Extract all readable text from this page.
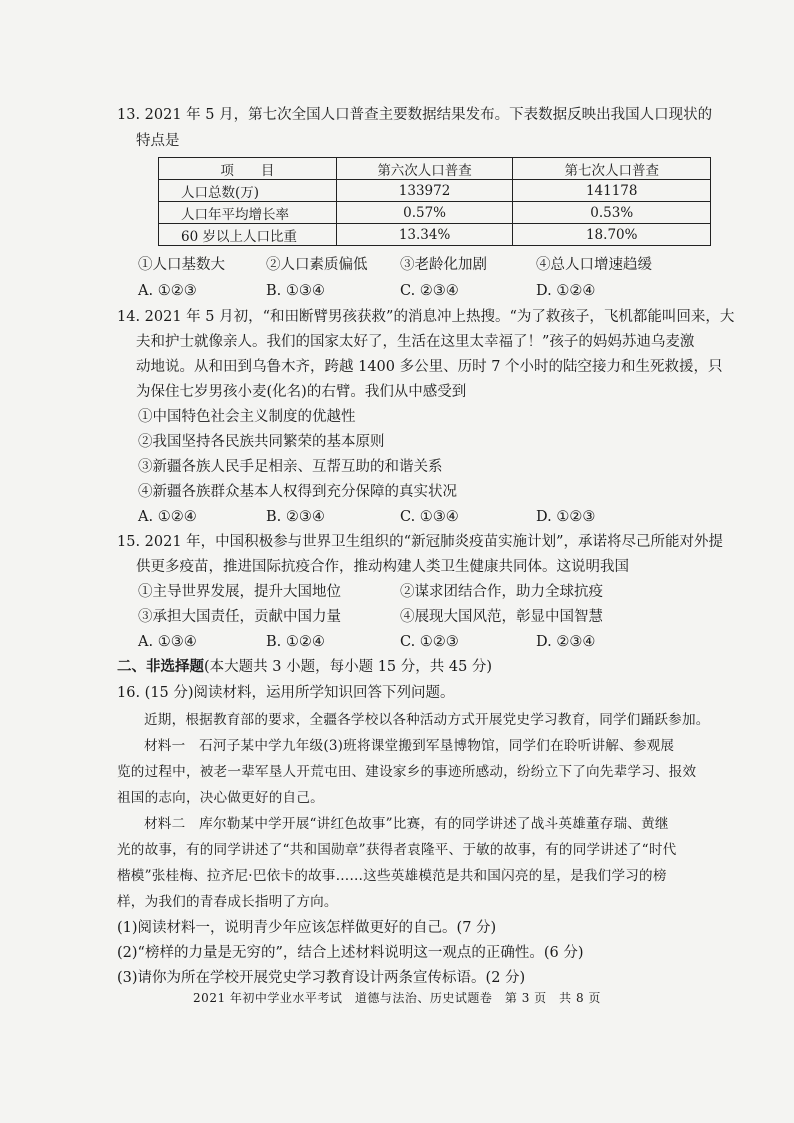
13. 2021 年 5 月，第七次全国人口普查主要数据结果发布。下表数据反映出我国人口现状的
特点是
项　　目	第六次人口普查	第七次人口普查
人口总数(万)	133972	141178
人口年平均增长率	0.57%	0.53%
60 岁以上人口比重	13.34%	18.70%
①人口基数大	②人口素质偏低 ③老龄化加剧	④总人口增速趋缓
A. ①②③	B. ①③④	C. ②③④	D. ①②④
14. 2021 年 5 月初，“和田断臂男孩获救”的消息冲上热搜。“为了救孩子，飞机都能叫回来，大
夫和护士就像亲人。我们的国家太好了，生活在这里太幸福了！”孩子的妈妈苏迪乌麦激
动地说。从和田到乌鲁木齐，跨越 1400 多公里、历时 7 个小时的陆空接力和生死救援，只
为保住七岁男孩小麦(化名)的右臂。我们从中感受到
①中国特色社会主义制度的优越性
②我国坚持各民族共同繁荣的基本原则
③新疆各族人民手足相亲、互帮互助的和谐关系
④新疆各族群众基本人权得到充分保障的真实状况
A. ①②④	B. ②③④	C. ①③④	D. ①②③
15. 2021 年，中国积极参与世界卫生组织的“新冠肺炎疫苗实施计划”，承诺将尽己所能对外提
供更多疫苗，推进国际抗疫合作，推动构建人类卫生健康共同体。这说明我国
①主导世界发展，提升大国地位	②谋求团结合作，助力全球抗疫
③承担大国责任，贡献中国力量	④展现大国风范，彰显中国智慧
A. ①③④	B. ①②④	C. ①②③	D. ②③④
二、非选择题(本大题共 3 小题，每小题 15 分，共 45 分)
16. (15 分)阅读材料，运用所学知识回答下列问题。
近期，根据教育部的要求，全疆各学校以各种活动方式开展党史学习教育，同学们踊跃参加。
材料一　石河子某中学九年级(3)班将课堂搬到军垦博物馆，同学们在聆听讲解、参观展
览的过程中，被老一辈军垦人开荒屯田、建设家乡的事迹所感动，纷纷立下了向先辈学习、报效
祖国的志向，决心做更好的自己。
材料二　库尔勒某中学开展“讲红色故事”比赛，有的同学讲述了战斗英雄董存瑞、黄继
光的故事，有的同学讲述了“共和国勋章”获得者袁隆平、于敏的故事，有的同学讲述了“时代
楷模”张桂梅、拉齐尼·巴依卡的故事……这些英雄模范是共和国闪亮的星，是我们学习的榜
样，为我们的青春成长指明了方向。
(1)阅读材料一，说明青少年应该怎样做更好的自己。(7 分)
(2)“榜样的力量是无穷的”，结合上述材料说明这一观点的正确性。(6 分)
(3)请你为所在学校开展党史学习教育设计两条宣传标语。(2 分)
2021 年初中学业水平考试　道德与法治、历史试题卷　第 3 页　共 8 页
